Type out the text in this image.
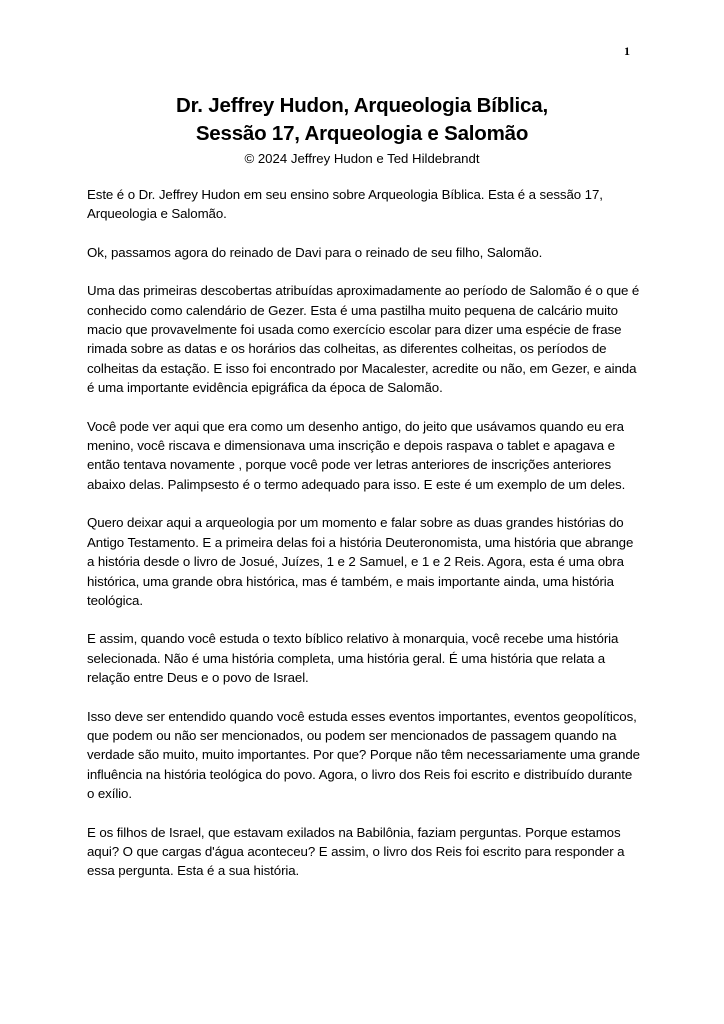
1
Dr. Jeffrey Hudon, Arqueologia Bíblica,
Sessão 17, Arqueologia e Salomão
© 2024 Jeffrey Hudon e Ted Hildebrandt

Este é o Dr. Jeffrey Hudon em seu ensino sobre Arqueologia Bíblica. Esta é a sessão 17, Arqueologia e Salomão.

Ok, passamos agora do reinado de Davi para o reinado de seu filho, Salomão.

Uma das primeiras descobertas atribuídas aproximadamente ao período de Salomão é o que é conhecido como calendário de Gezer. Esta é uma pastilha muito pequena de calcário muito macio que provavelmente foi usada como exercício escolar para dizer uma espécie de frase rimada sobre as datas e os horários das colheitas, as diferentes colheitas, os períodos de colheitas da estação. E isso foi encontrado por Macalester, acredite ou não, em Gezer, e ainda é uma importante evidência epigráfica da época de Salomão.

Você pode ver aqui que era como um desenho antigo, do jeito que usávamos quando eu era menino, você riscava e dimensionava uma inscrição e depois raspava o tablet e apagava e então tentava novamente , porque você pode ver letras anteriores de inscrições anteriores abaixo delas. Palimpsesto é o termo adequado para isso. E este é um exemplo de um deles.

Quero deixar aqui a arqueologia por um momento e falar sobre as duas grandes histórias do Antigo Testamento. E a primeira delas foi a história Deuteronomista, uma história que abrange a história desde o livro de Josué, Juízes, 1 e 2 Samuel, e 1 e 2 Reis. Agora, esta é uma obra histórica, uma grande obra histórica, mas é também, e mais importante ainda, uma história teológica.

E assim, quando você estuda o texto bíblico relativo à monarquia, você recebe uma história selecionada. Não é uma história completa, uma história geral. É uma história que relata a relação entre Deus e o povo de Israel.

Isso deve ser entendido quando você estuda esses eventos importantes, eventos geopolíticos, que podem ou não ser mencionados, ou podem ser mencionados de passagem quando na verdade são muito, muito importantes. Por que? Porque não têm necessariamente uma grande influência na história teológica do povo. Agora, o livro dos Reis foi escrito e distribuído durante o exílio.

E os filhos de Israel, que estavam exilados na Babilônia, faziam perguntas. Porque estamos aqui? O que cargas d'água aconteceu? E assim, o livro dos Reis foi escrito para responder a essa pergunta. Esta é a sua história.
